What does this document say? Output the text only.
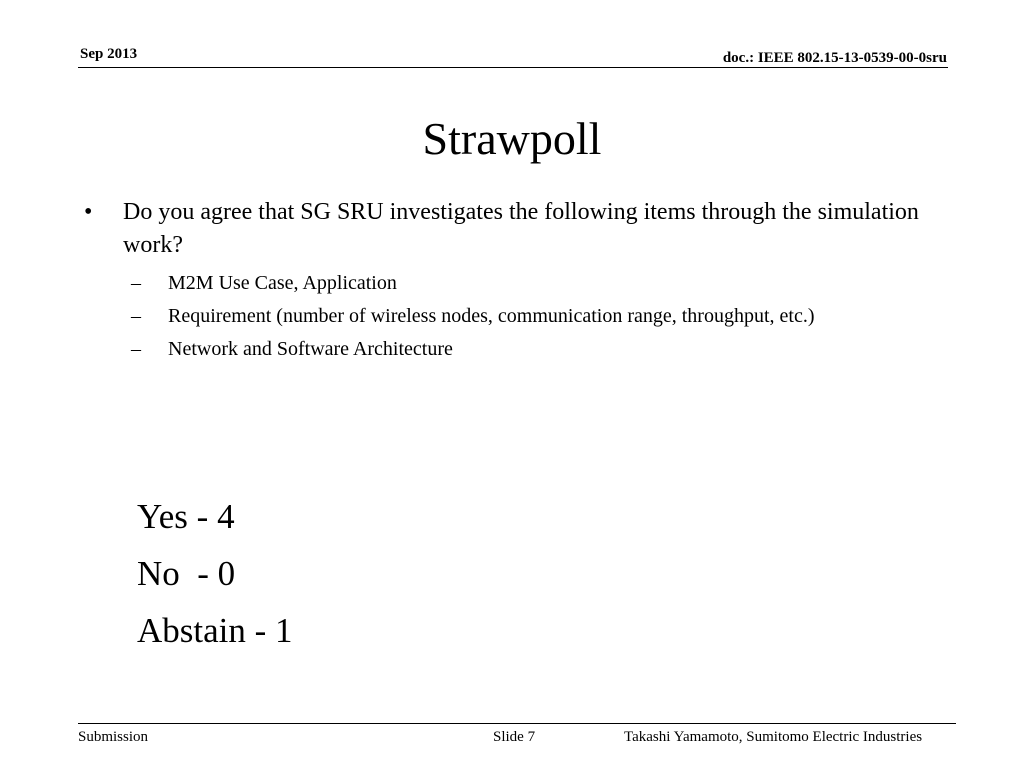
Sep 2013	doc.: IEEE 802.15-13-0539-00-0sru
Strawpoll
• Do you agree that SG SRU investigates the following items through the simulation work?
– M2M Use Case, Application
– Requirement (number of wireless nodes, communication range, throughput, etc.)
– Network and Software Architecture
Yes - 4
No  - 0
Abstain - 1
Submission	Slide 7	Takashi Yamamoto, Sumitomo Electric Industries
